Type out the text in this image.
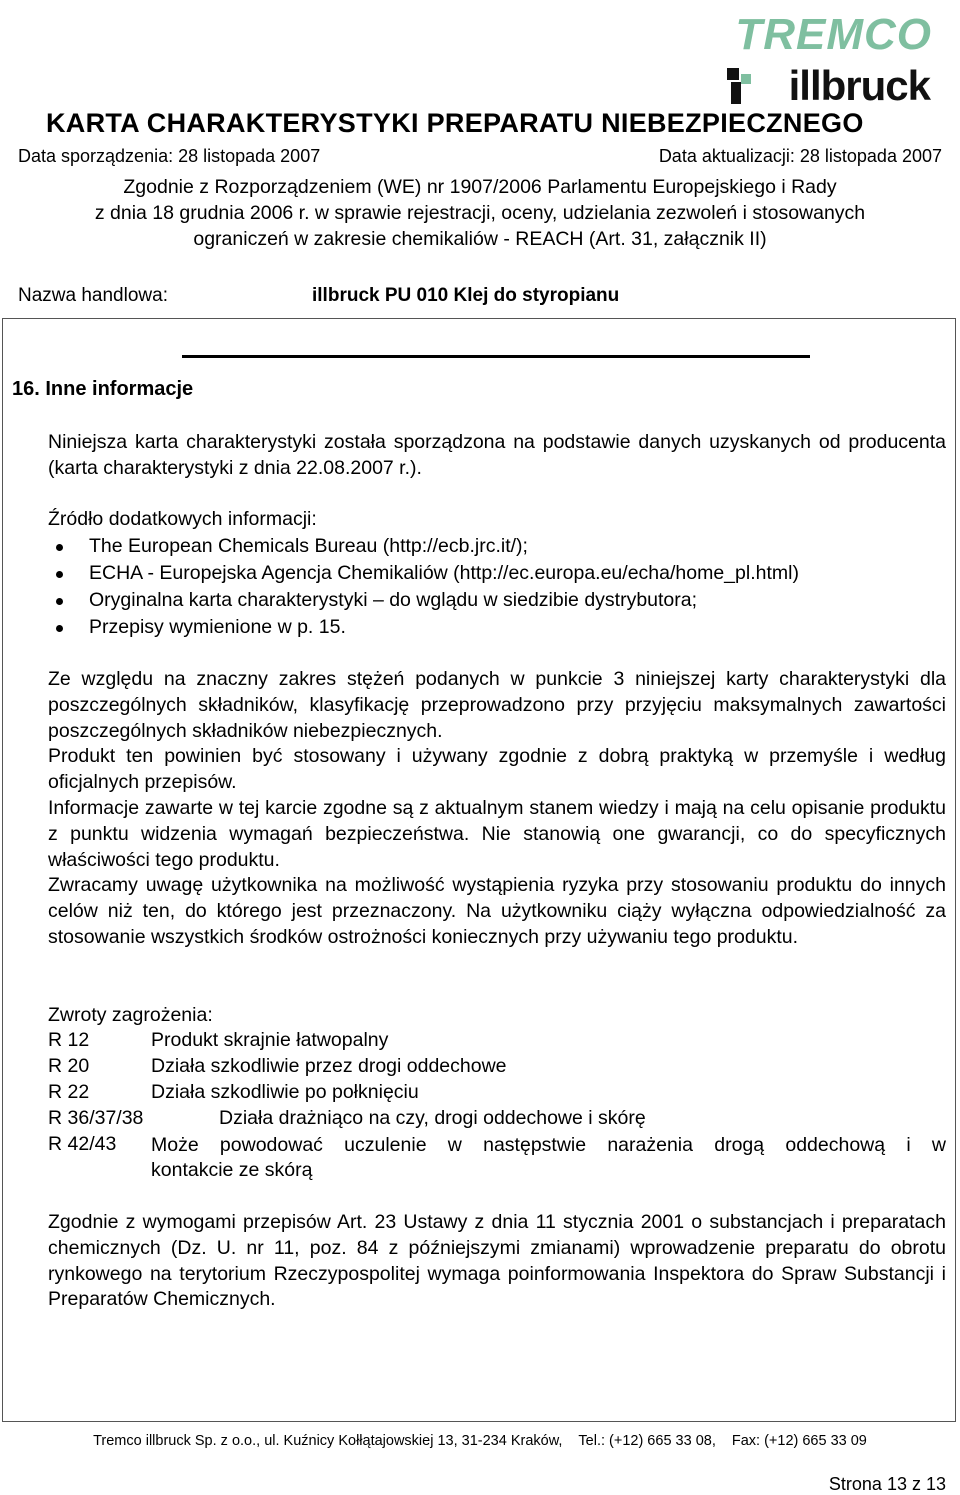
TREMCO
illbruck
KARTA CHARAKTERYSTYKI PREPARATU NIEBEZPIECZNEGO
Data sporządzenia: 28 listopada 2007	Data aktualizacji: 28 listopada 2007
Zgodnie z Rozporządzeniem (WE) nr 1907/2006 Parlamentu Europejskiego i Rady
z dnia 18 grudnia 2006 r. w sprawie rejestracji, oceny, udzielania zezwoleń i stosowanych
ograniczeń w zakresie chemikaliów - REACH (Art. 31, załącznik II)
Nazwa handlowa:	illbruck PU 010 Klej do styropianu
16. Inne informacje
Niniejsza karta charakterystyki została sporządzona na podstawie danych uzyskanych od producenta (karta charakterystyki z dnia 22.08.2007 r.).
Źródło dodatkowych informacji:
The European Chemicals Bureau (http://ecb.jrc.it/);
ECHA - Europejska Agencja Chemikaliów (http://ec.europa.eu/echa/home_pl.html)
Oryginalna karta charakterystyki – do wglądu w siedzibie dystrybutora;
Przepisy wymienione w p. 15.
Ze względu na znaczny zakres stężeń podanych w punkcie 3 niniejszej karty charakterystyki dla poszczególnych składników, klasyfikację przeprowadzono przy przyjęciu maksymalnych zawartości poszczególnych składników niebezpiecznych.
Produkt ten powinien być stosowany i używany zgodnie z dobrą praktyką w przemyśle i według oficjalnych przepisów.
Informacje zawarte w tej karcie zgodne są z aktualnym stanem wiedzy i mają na celu opisanie produktu z punktu widzenia wymagań bezpieczeństwa. Nie stanowią one gwarancji, co do specyficznych właściwości tego produktu.
Zwracamy uwagę użytkownika na możliwość wystąpienia ryzyka przy stosowaniu produktu do innych celów niż ten, do którego jest przeznaczony. Na użytkowniku ciąży wyłączna odpowiedzialność za stosowanie wszystkich środków ostrożności koniecznych przy używaniu tego produktu.
Zwroty zagrożenia:
R 12	Produkt skrajnie łatwopalny
R 20	Działa szkodliwie przez drogi oddechowe
R 22	Działa szkodliwie po połknięciu
R 36/37/38	Działa drażniąco na czy, drogi oddechowe i skórę
R 42/43	Może powodować uczulenie w następstwie narażenia drogą oddechową i w
kontakcie ze skórą
Zgodnie z wymogami przepisów Art. 23 Ustawy z dnia 11 stycznia 2001 o substancjach i preparatach chemicznych (Dz. U. nr 11, poz. 84 z późniejszymi zmianami) wprowadzenie preparatu do obrotu rynkowego na terytorium Rzeczypospolitej wymaga poinformowania Inspektora do Spraw Substancji i Preparatów Chemicznych.
Tremco illbruck Sp. z o.o., ul. Kuźnicy Kołłątajowskiej 13, 31-234 Kraków, Tel.: (+12) 665 33 08, Fax: (+12) 665 33 09
Strona 13 z 13
